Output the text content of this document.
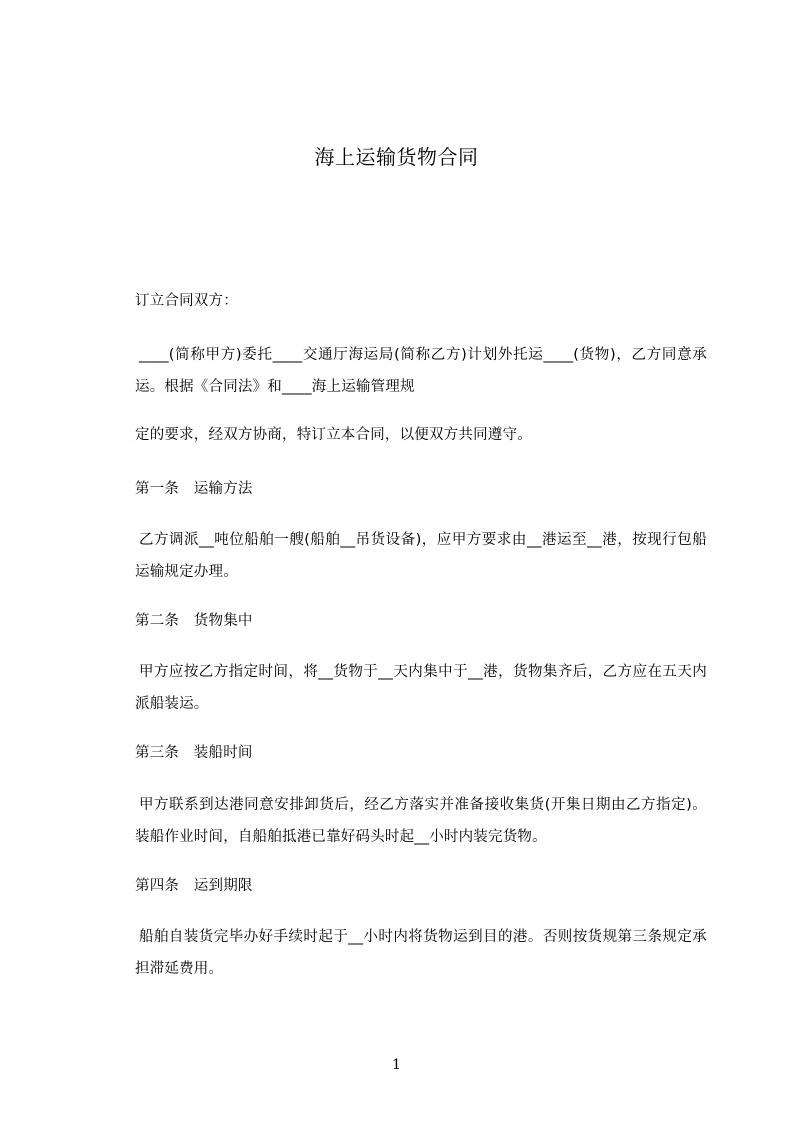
海上运输货物合同
订立合同双方：
____(简称甲方)委托____交通厅海运局(简称乙方)计划外托运____(货物)，乙方同意承运。根据《合同法》和____海上运输管理规
定的要求，经双方协商，特订立本合同，以便双方共同遵守。
第一条　运输方法
乙方调派__吨位船舶一艘(船舶__吊货设备)，应甲方要求由__港运至__港，按现行包船运输规定办理。
第二条　货物集中
甲方应按乙方指定时间，将__货物于__天内集中于__港，货物集齐后，乙方应在五天内派船装运。
第三条　装船时间
甲方联系到达港同意安排卸货后，经乙方落实并准备接收集货(开集日期由乙方指定)。装船作业时间，自船舶抵港已靠好码头时起__小时内装完货物。
第四条　运到期限
船舶自装货完毕办好手续时起于__小时内将货物运到目的港。否则按货规第三条规定承担滞延费用。
1
